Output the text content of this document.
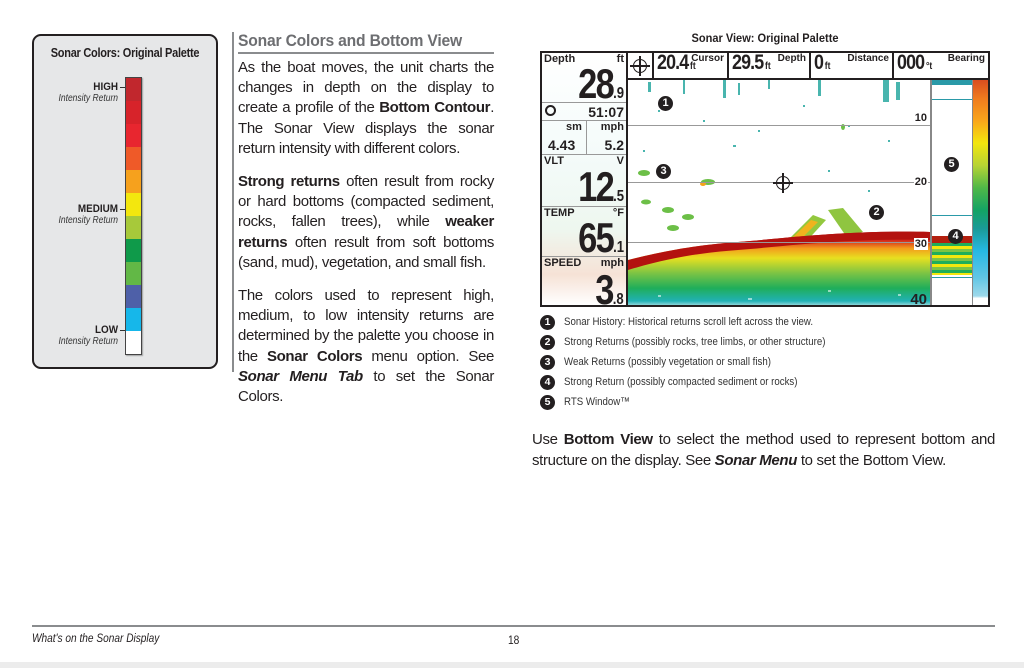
Sonar Colors: Original Palette
HIGH
Intensity Return
MEDIUM
Intensity Return
LOW
Intensity Return
Sonar Colors and Bottom View

As the boat moves, the unit charts the changes in depth on the display to create a profile of the Bottom Contour. The Sonar View displays the sonar return intensity with different colors.

Strong returns often result from rocky or hard bottoms (compacted sediment, rocks, fallen trees), while weaker returns often result from soft bottoms (sand, mud), vegetation, and small fish.

The colors used to represent high, medium, to low intensity returns are determined by the palette you choose in the Sonar Colors menu option. See Sonar Menu Tab to set the Sonar Colors.

Sonar View: Original Palette
10
20
30
40
1
2
3
5
4
Depth	ft
28.9
51:07
sm mph
4.43 5.2
VLT	V
12.5
TEMP	°F
65.1
SPEED mph
3.8
Cursor
20.4 ft
Depth
29.5 ft
Distance
0 ft
Bearing
000 °t
1	Sonar History: Historical returns scroll left across the view.
2	Strong Returns (possibly rocks, tree limbs, or other structure)
3	Weak Returns (possibly vegetation or small fish)
4	Strong Return (possibly compacted sediment or rocks)
5	RTS Window™

Use Bottom View to select the method used to represent bottom and structure on the display. See Sonar Menu to set the Bottom View.

What's on the Sonar Display	18
